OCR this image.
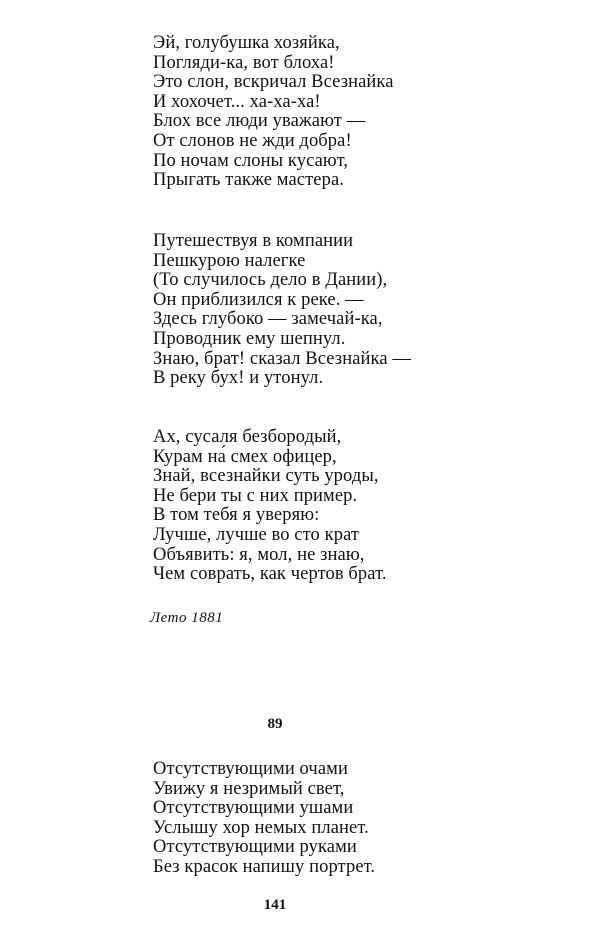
Эй, голубушка хозяйка,
Погляди-ка, вот блоха!
Это слон, вскричал Всезнайка
И хохочет... ха-ха-ха!
Блох все люди уважают —
От слонов не жди добра!
По ночам слоны кусают,
Прыгать также мастера.
Путешествуя в компании
Пешкурою налегке
(То случилось дело в Дании),
Он приблизился к реке. —
Здесь глубоко — замечай-ка,
Проводник ему шепнул.
Знаю, брат! сказал Всезнайка —
В реку бух! и утонул.
Ах, сусаля безбородый,
Курам на́ смех офицер,
Знай, всезнайки суть уроды,
Не бери ты с них пример.
В том тебя я уверяю:
Лучше, лучше во сто крат
Объявить: я, мол, не знаю,
Чем соврать, как чертов брат.
Лето 1881
89
Отсутствующими очами
Увижу я незримый свет,
Отсутствующими ушами
Услышу хор немых планет.
Отсутствующими руками
Без красок напишу портрет.
141
